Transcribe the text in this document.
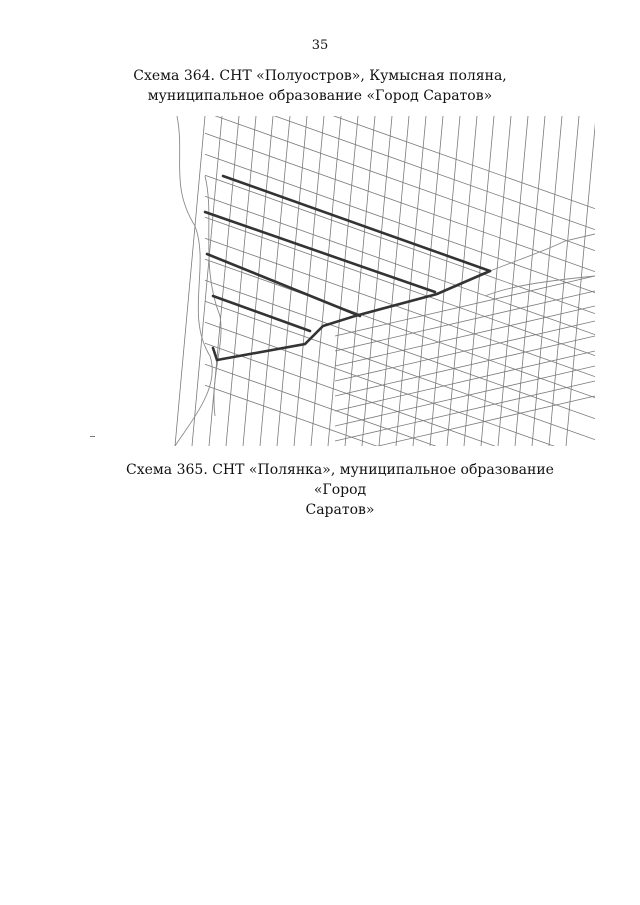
35
Схема 364. СНТ «Полуостров», Кумысная поляна,
муниципальное образование «Город Саратов»
Схема 365. СНТ «Полянка», муниципальное образование «Город
Саратов»
